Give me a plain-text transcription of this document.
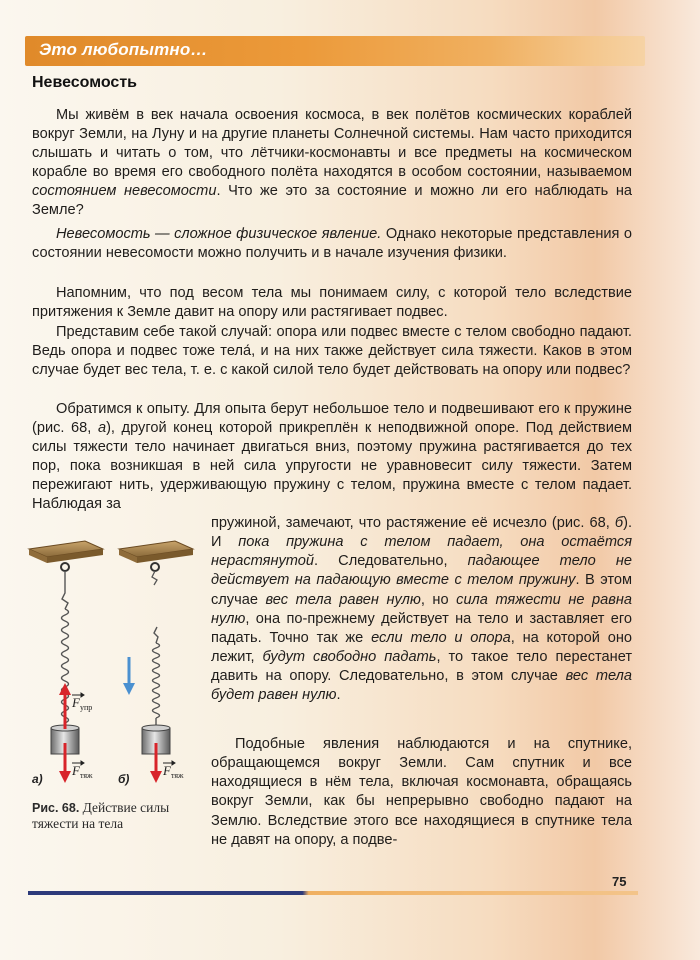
Это любопытно…
Невесомость

Мы живём в век начала освоения космоса, в век полётов космических кораблей вокруг Земли, на Луну и на другие планеты Солнечной системы. Нам часто приходится слышать и читать о том, что лётчики-космонавты и все предметы на космическом корабле во время его свободного полёта находятся в особом состоянии, называемом состоянием невесомости. Что же это за состояние и можно ли его наблюдать на Земле?

Невесомость — сложное физическое явление. Однако некоторые представления о состоянии невесомости можно получить и в начале изучения физики.

Напомним, что под весом тела мы понимаем силу, с которой тело вследствие притяжения к Земле давит на опору или растягивает подвес.

Представим себе такой случай: опора или подвес вместе с телом свободно падают. Ведь опора и подвес тоже тела́, и на них также действует сила тяжести. Каков в этом случае будет вес тела, т. е. с какой силой тело будет действовать на опору или подвес?

Обратимся к опыту. Для опыта берут небольшое тело и подвешивают его к пружине (рис. 68, а), другой конец которой прикреплён к неподвижной опоре. Под действием силы тяжести тело начинает двигаться вниз, поэтому пружина растягивается до тех пор, пока возникшая в ней сила упругости не уравновесит силу тяжести. Затем пережигают нить, удерживающую пружину с телом, пружина вместе с телом падает. Наблюдая за

пружиной, замечают, что растяжение её исчезло (рис. 68, б). И пока пружина с телом падает, она остаётся нерастянутой. Следовательно, падающее тело не действует на падающую вместе с телом пружину. В этом случае вес тела равен нулю, но сила тяжести не равна нулю, она по-прежнему действует на тело и заставляет его падать. Точно так же если тело и опора, на которой оно лежит, будут свободно падать, то такое тело перестанет давить на опору. Следовательно, в этом случае вес тела будет равен нулю.

Подобные явления наблюдаются и на спутнике, обращающемся вокруг Земли. Сам спутник и все находящиеся в нём тела, включая космонавта, обращаясь вокруг Земли, как бы непрерывно свободно падают на Землю. Вследствие этого все находящиеся в спутнике тела не давят на опору, а подве-

$F_{упр}$
$F_{тяж}$	$F_{тяж}$
а)	б)
Рис. 68. Действие силы тяжести на тела
75
